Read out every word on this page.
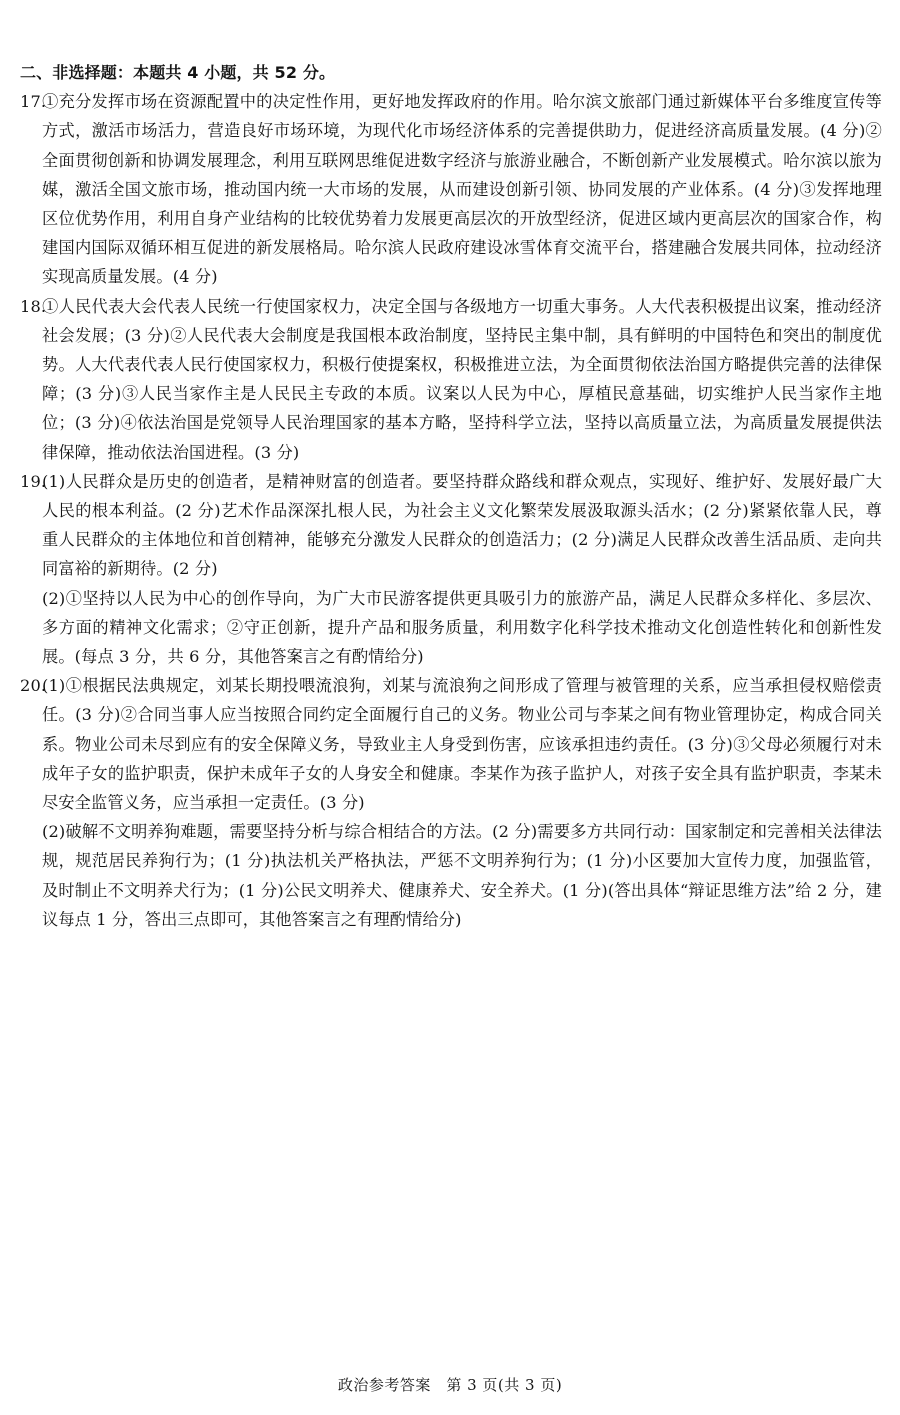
二、非选择题：本题共 4 小题，共 52 分。

17.①充分发挥市场在资源配置中的决定性作用，更好地发挥政府的作用。哈尔滨文旅部门通过新媒体平台多维度宣传等方式，激活市场活力，营造良好市场环境，为现代化市场经济体系的完善提供助力，促进经济高质量发展。(4 分)②全面贯彻创新和协调发展理念，利用互联网思维促进数字经济与旅游业融合，不断创新产业发展模式。哈尔滨以旅为媒，激活全国文旅市场，推动国内统一大市场的发展，从而建设创新引领、协同发展的产业体系。(4 分)③发挥地理区位优势作用，利用自身产业结构的比较优势着力发展更高层次的开放型经济，促进区域内更高层次的国家合作，构建国内国际双循环相互促进的新发展格局。哈尔滨人民政府建设冰雪体育交流平台，搭建融合发展共同体，拉动经济实现高质量发展。(4 分)
18.①人民代表大会代表人民统一行使国家权力，决定全国与各级地方一切重大事务。人大代表积极提出议案，推动经济社会发展；(3 分)②人民代表大会制度是我国根本政治制度，坚持民主集中制，具有鲜明的中国特色和突出的制度优势。人大代表代表人民行使国家权力，积极行使提案权，积极推进立法，为全面贯彻依法治国方略提供完善的法律保障；(3 分)③人民当家作主是人民民主专政的本质。议案以人民为中心，厚植民意基础，切实维护人民当家作主地位；(3 分)④依法治国是党领导人民治理国家的基本方略，坚持科学立法，坚持以高质量立法，为高质量发展提供法律保障，推动依法治国进程。(3 分)
19.(1)人民群众是历史的创造者，是精神财富的创造者。要坚持群众路线和群众观点，实现好、维护好、发展好最广大人民的根本利益。(2 分)艺术作品深深扎根人民，为社会主义文化繁荣发展汲取源头活水；(2 分)紧紧依靠人民，尊重人民群众的主体地位和首创精神，能够充分激发人民群众的创造活力；(2 分)满足人民群众改善生活品质、走向共同富裕的新期待。(2 分)

(2)①坚持以人民为中心的创作导向，为广大市民游客提供更具吸引力的旅游产品，满足人民群众多样化、多层次、多方面的精神文化需求；②守正创新，提升产品和服务质量，利用数字化科学技术推动文化创造性转化和创新性发展。(每点 3 分，共 6 分，其他答案言之有酌情给分)

20.(1)①根据民法典规定，刘某长期投喂流浪狗，刘某与流浪狗之间形成了管理与被管理的关系，应当承担侵权赔偿责任。(3 分)②合同当事人应当按照合同约定全面履行自己的义务。物业公司与李某之间有物业管理协定，构成合同关系。物业公司未尽到应有的安全保障义务，导致业主人身受到伤害，应该承担违约责任。(3 分)③父母必须履行对未成年子女的监护职责，保护未成年子女的人身安全和健康。李某作为孩子监护人，对孩子安全具有监护职责，李某未尽安全监管义务，应当承担一定责任。(3 分)

(2)破解不文明养狗难题，需要坚持分析与综合相结合的方法。(2 分)需要多方共同行动：国家制定和完善相关法律法规，规范居民养狗行为；(1 分)执法机关严格执法，严惩不文明养狗行为；(1 分)小区要加大宣传力度，加强监管，及时制止不文明养犬行为；(1 分)公民文明养犬、健康养犬、安全养犬。(1 分)(答出具体“辩证思维方法”给 2 分，建议每点 1 分，答出三点即可，其他答案言之有理酌情给分)

政治参考答案　第 3 页(共 3 页)
